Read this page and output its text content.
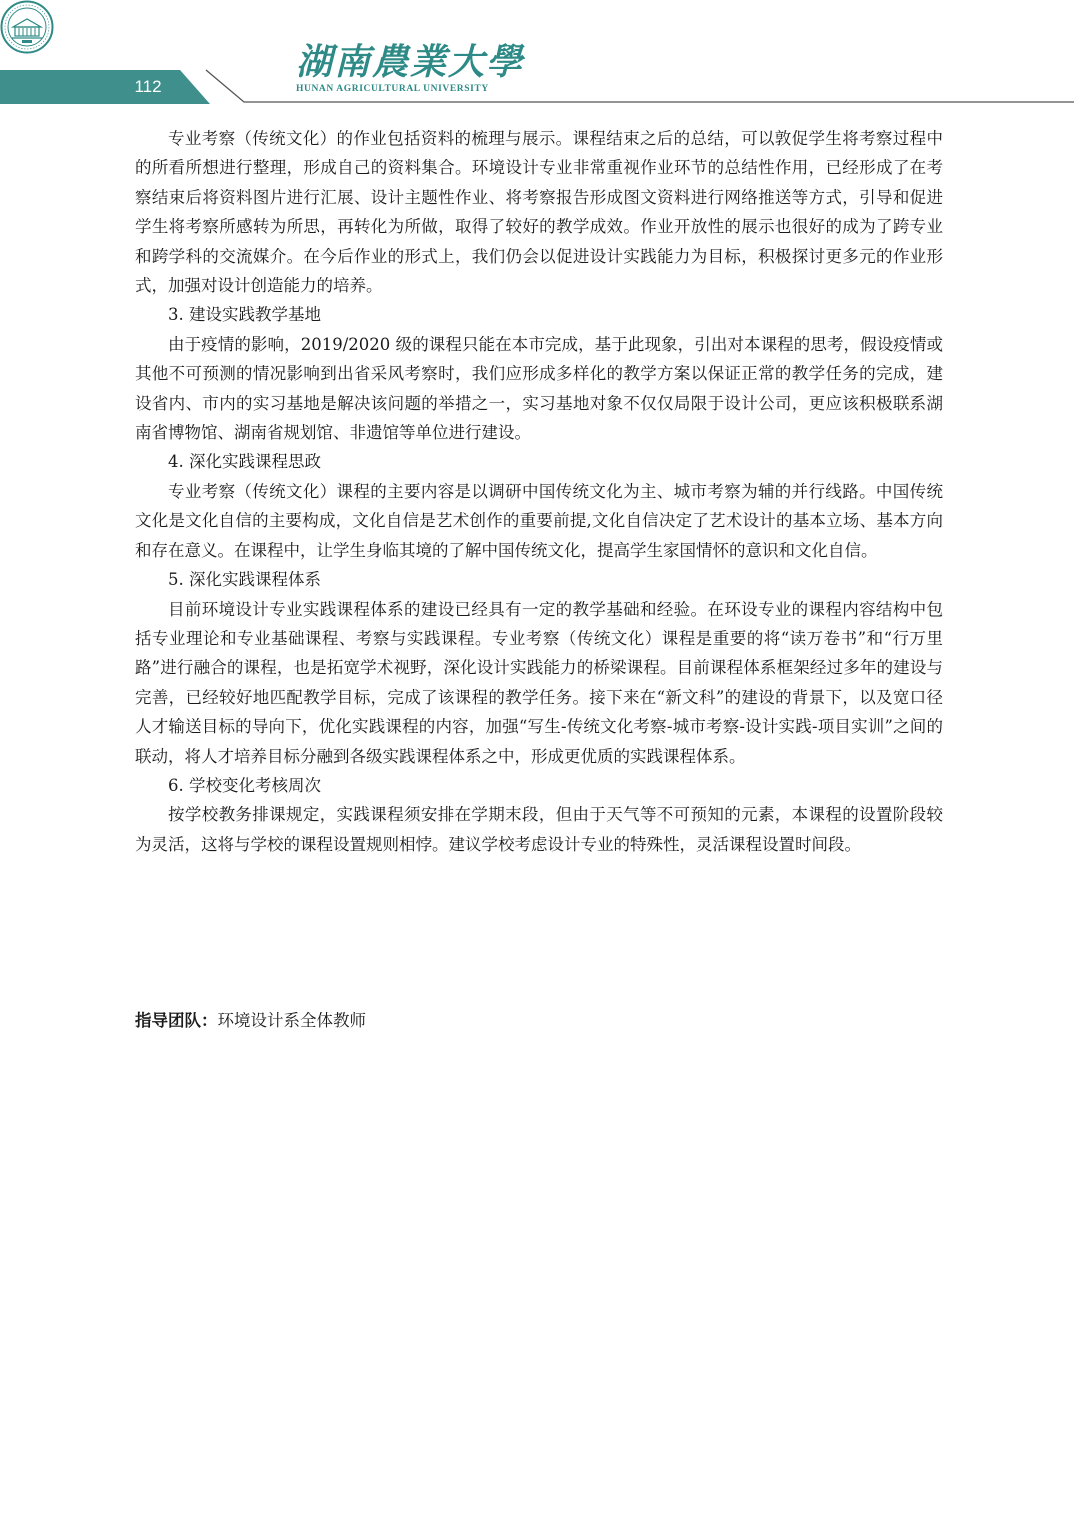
112
湖南農業大學
HUNAN AGRICULTURAL UNIVERSITY

专业考察（传统文化）的作业包括资料的梳理与展示。课程结束之后的总结，可以敦促学生将考察过程中的所看所想进行整理，形成自己的资料集合。环境设计专业非常重视作业环节的总结性作用，已经形成了在考察结束后将资料图片进行汇展、设计主题性作业、将考察报告形成图文资料进行网络推送等方式，引导和促进学生将考察所感转为所思，再转化为所做，取得了较好的教学成效。作业开放性的展示也很好的成为了跨专业和跨学科的交流媒介。在今后作业的形式上，我们仍会以促进设计实践能力为目标，积极探讨更多元的作业形式，加强对设计创造能力的培养。

3. 建设实践教学基地

由于疫情的影响，2019/2020 级的课程只能在本市完成，基于此现象，引出对本课程的思考，假设疫情或其他不可预测的情况影响到出省采风考察时，我们应形成多样化的教学方案以保证正常的教学任务的完成，建设省内、市内的实习基地是解决该问题的举措之一，实习基地对象不仅仅局限于设计公司，更应该积极联系湖南省博物馆、湖南省规划馆、非遗馆等单位进行建设。

4. 深化实践课程思政

专业考察（传统文化）课程的主要内容是以调研中国传统文化为主、城市考察为辅的并行线路。中国传统文化是文化自信的主要构成，文化自信是艺术创作的重要前提,文化自信决定了艺术设计的基本立场、基本方向和存在意义。在课程中，让学生身临其境的了解中国传统文化，提高学生家国情怀的意识和文化自信。

5. 深化实践课程体系

目前环境设计专业实践课程体系的建设已经具有一定的教学基础和经验。在环设专业的课程内容结构中包括专业理论和专业基础课程、考察与实践课程。专业考察（传统文化）课程是重要的将“读万卷书”和“行万里路”进行融合的课程，也是拓宽学术视野，深化设计实践能力的桥梁课程。目前课程体系框架经过多年的建设与完善，已经较好地匹配教学目标，完成了该课程的教学任务。接下来在“新文科”的建设的背景下，以及宽口径人才输送目标的导向下，优化实践课程的内容，加强“写生-传统文化考察-城市考察-设计实践-项目实训”之间的联动，将人才培养目标分融到各级实践课程体系之中，形成更优质的实践课程体系。

6. 学校变化考核周次

按学校教务排课规定，实践课程须安排在学期末段，但由于天气等不可预知的元素，本课程的设置阶段较为灵活，这将与学校的课程设置规则相悖。建议学校考虑设计专业的特殊性，灵活课程设置时间段。

指导团队：环境设计系全体教师
